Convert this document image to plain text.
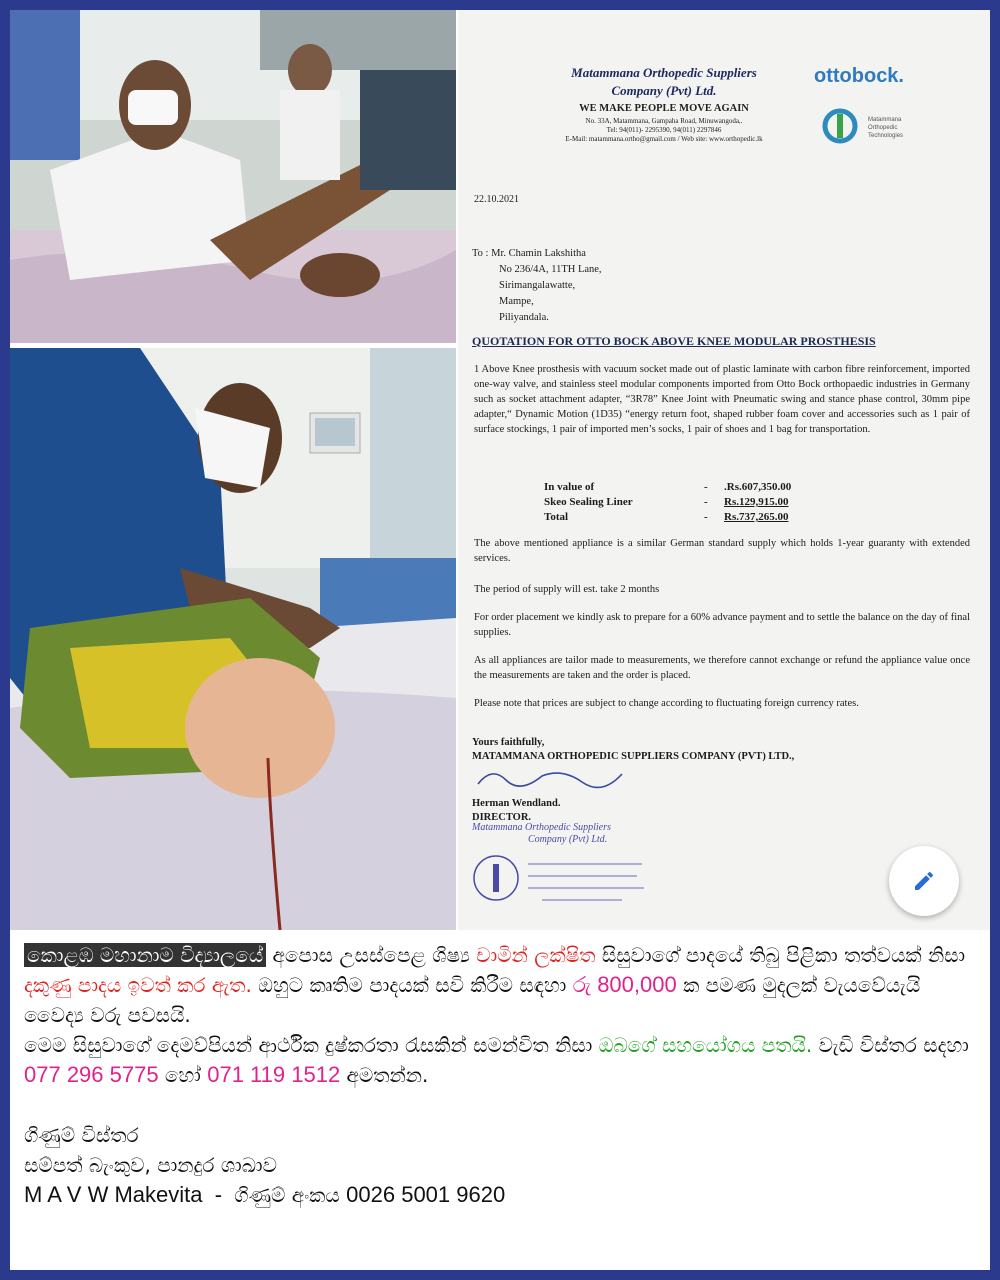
Matammana Orthopedic Suppliers
Company (Pvt) Ltd.
WE MAKE PEOPLE MOVE AGAIN
No. 33A, Matammana, Gampaha Road, Minuwangoda,.
Tel: 94(011)- 2295390, 94(011) 2297846
E-Mail: matammana.ortho@gmail.com / Web site: www.orthopedic.lk
ottobock.
Matammana
Orthopedic
Technologies
22.10.2021
To : Mr. Chamin Lakshitha
No 236/4A, 11TH Lane,
Sirimangalawatte,
Mampe,
Piliyandala.
QUOTATION FOR OTTO BOCK ABOVE KNEE MODULAR PROSTHESIS
1 Above Knee prosthesis with vacuum socket made out of plastic laminate with carbon fibre reinforcement, imported one-way valve, and stainless steel modular components imported from Otto Bock orthopaedic industries in Germany such as socket attachment adapter, “3R78” Knee Joint with Pneumatic swing and stance phase control, 30mm pipe adapter,“ Dynamic Motion (1D35) “energy return foot, shaped rubber foam cover and accessories such as 1 pair of surface stockings, 1 pair of imported men’s socks, 1 pair of shoes and 1 bag for transportation.
In value of	- .Rs.607,350.00
Skeo Sealing Liner	- Rs.129,915.00
Total	- Rs.737,265.00
The above mentioned appliance is a similar German standard supply which holds 1-year guaranty with extended services.
The period of supply will est. take 2 months
For order placement we kindly ask to prepare for a 60% advance payment and to settle the balance on the day of final supplies.
As all appliances are tailor made to measurements, we therefore cannot exchange or refund the appliance value once the measurements are taken and the order is placed.
Please note that prices are subject to change according to fluctuating foreign currency rates.
Yours faithfully,
MATAMMANA ORTHOPEDIC SUPPLIERS COMPANY (PVT) LTD.,
Herman Wendland.
DIRECTOR.
Matammana Orthopedic Suppliers
Company (Pvt) Ltd.

කොළඹ මහානාම විද්‍යාලයේ අපොස උසස්පෙළ ශිෂ්‍ය චාමින් ලක්ෂිත සිසුවාගේ පාදයේ තිබු පිළිකා තත්වයක් නිසා දකුණු පාදය ඉවත් කර ඇත. ඔහුට කෘතිම පාදයක් සවි කිරීම සඳහා රු 800,000 ක පමණ මුදලක් වැයවේයැයි වෛද්‍ය වරු පවසයි.

මෙම සිසුවාගේ දෙමව්පියන් ආර්ථික දුෂ්කරතා රැසකින් සමන්විත නිසා ඔබගේ සහයෝගය පතයි. වැඩි විස්තර සදහා 077 296 5775 හෝ 071 119 1512 අමතන්න.

ගිණුම් විස්තර
සම්පත් බැංකුව, පානදුර ශාඛාව
M A V W Makevita  -  ගිණුම් අංකය 0026 5001 9620
